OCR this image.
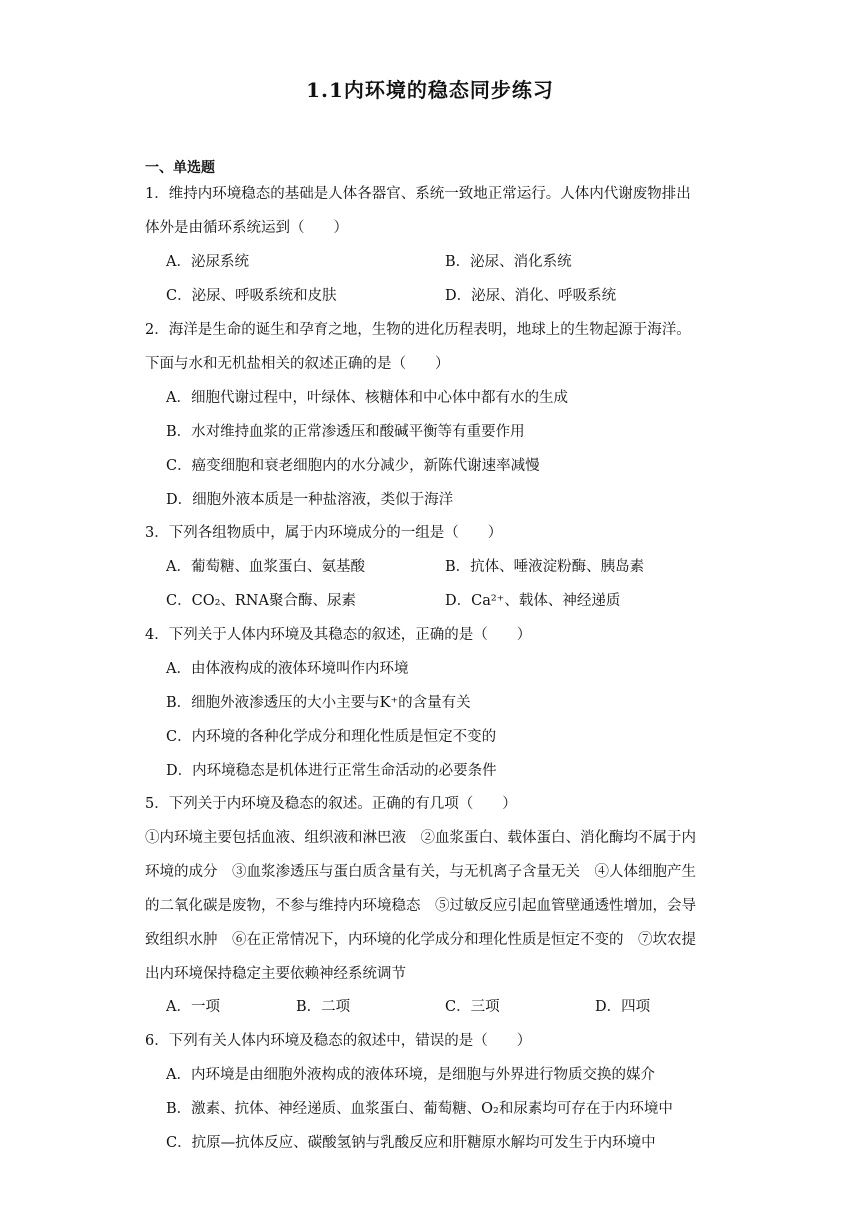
1.1内环境的稳态同步练习
一、单选题
1．维持内环境稳态的基础是人体各器官、系统一致地正常运行。人体内代谢废物排出
体外是由循环系统运到（　　）
A．泌尿系统	B．泌尿、消化系统
C．泌尿、呼吸系统和皮肤	D．泌尿、消化、呼吸系统
2．海洋是生命的诞生和孕育之地，生物的进化历程表明，地球上的生物起源于海洋。
下面与水和无机盐相关的叙述正确的是（　　）
A．细胞代谢过程中，叶绿体、核糖体和中心体中都有水的生成
B．水对维持血浆的正常渗透压和酸碱平衡等有重要作用
C．癌变细胞和衰老细胞内的水分减少，新陈代谢速率减慢
D．细胞外液本质是一种盐溶液，类似于海洋
3．下列各组物质中，属于内环境成分的一组是（　　）
A．葡萄糖、血浆蛋白、氨基酸	B．抗体、唾液淀粉酶、胰岛素
C．CO₂、RNA聚合酶、尿素	D．Ca²⁺、载体、神经递质
4．下列关于人体内环境及其稳态的叙述，正确的是（　　）
A．由体液构成的液体环境叫作内环境
B．细胞外液渗透压的大小主要与K⁺的含量有关
C．内环境的各种化学成分和理化性质是恒定不变的
D．内环境稳态是机体进行正常生命活动的必要条件
5．下列关于内环境及稳态的叙述。正确的有几项（　　）
①内环境主要包括血液、组织液和淋巴液　②血浆蛋白、载体蛋白、消化酶均不属于内
环境的成分　③血浆渗透压与蛋白质含量有关，与无机离子含量无关　④人体细胞产生
的二氧化碳是废物，不参与维持内环境稳态　⑤过敏反应引起血管壁通透性增加，会导
致组织水肿　⑥在正常情况下，内环境的化学成分和理化性质是恒定不变的　⑦坎农提
出内环境保持稳定主要依赖神经系统调节
A．一项	B．二项	C．三项	D．四项
6．下列有关人体内环境及稳态的叙述中，错误的是（　　）
A．内环境是由细胞外液构成的液体环境，是细胞与外界进行物质交换的媒介
B．激素、抗体、神经递质、血浆蛋白、葡萄糖、O₂和尿素均可存在于内环境中
C．抗原—抗体反应、碳酸氢钠与乳酸反应和肝糖原水解均可发生于内环境中
